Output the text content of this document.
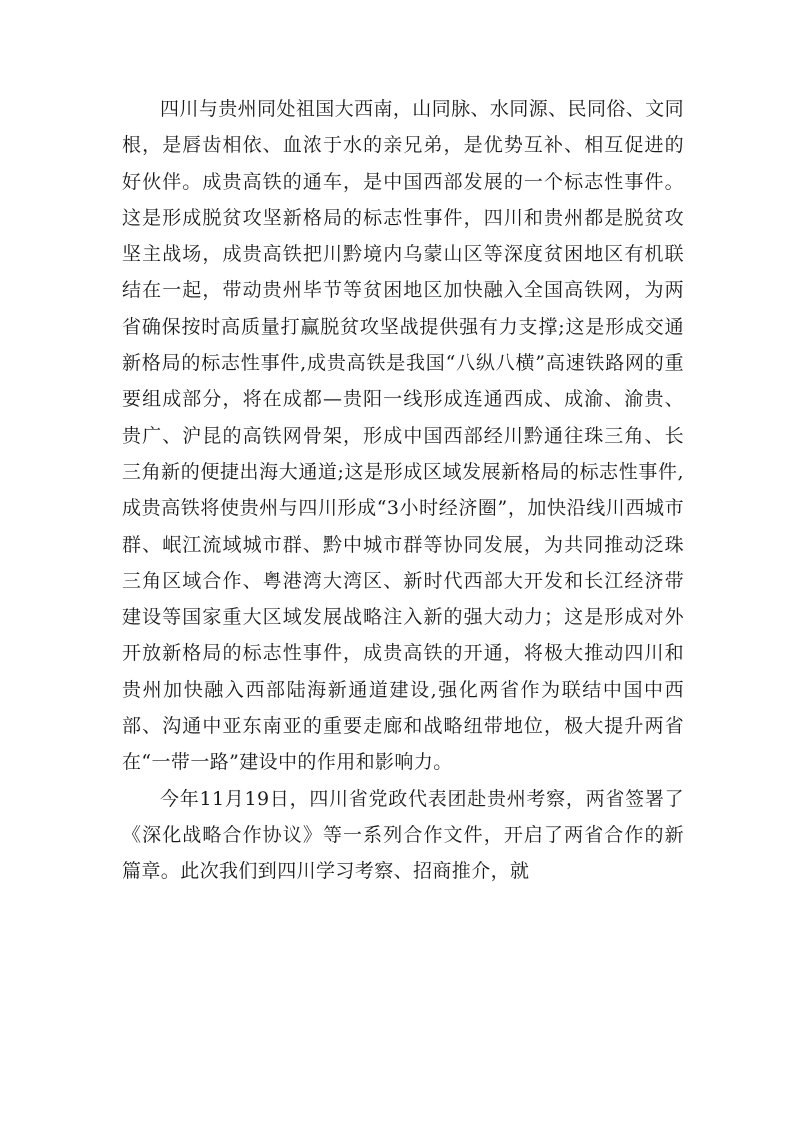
四川与贵州同处祖国大西南，山同脉、水同源、民同俗、文同根，是唇齿相依、血浓于水的亲兄弟，是优势互补、相互促进的好伙伴。成贵高铁的通车，是中国西部发展的一个标志性事件。这是形成脱贫攻坚新格局的标志性事件，四川和贵州都是脱贫攻坚主战场，成贵高铁把川黔境内乌蒙山区等深度贫困地区有机联结在一起，带动贵州毕节等贫困地区加快融入全国高铁网，为两省确保按时高质量打赢脱贫攻坚战提供强有力支撑;这是形成交通新格局的标志性事件,成贵高铁是我国“八纵八横”高速铁路网的重要组成部分，将在成都—贵阳一线形成连通西成、成渝、渝贵、贵广、沪昆的高铁网骨架，形成中国西部经川黔通往珠三角、长三角新的便捷出海大通道;这是形成区域发展新格局的标志性事件,成贵高铁将使贵州与四川形成“3小时经济圈”，加快沿线川西城市群、岷江流域城市群、黔中城市群等协同发展，为共同推动泛珠三角区域合作、粤港湾大湾区、新时代西部大开发和长江经济带建设等国家重大区域发展战略注入新的强大动力；这是形成对外开放新格局的标志性事件，成贵高铁的开通，将极大推动四川和贵州加快融入西部陆海新通道建设,强化两省作为联结中国中西部、沟通中亚东南亚的重要走廊和战略纽带地位，极大提升两省在“一带一路”建设中的作用和影响力。

今年11月19日，四川省党政代表团赴贵州考察，两省签署了《深化战略合作协议》等一系列合作文件，开启了两省合作的新篇章。此次我们到四川学习考察、招商推介，就
